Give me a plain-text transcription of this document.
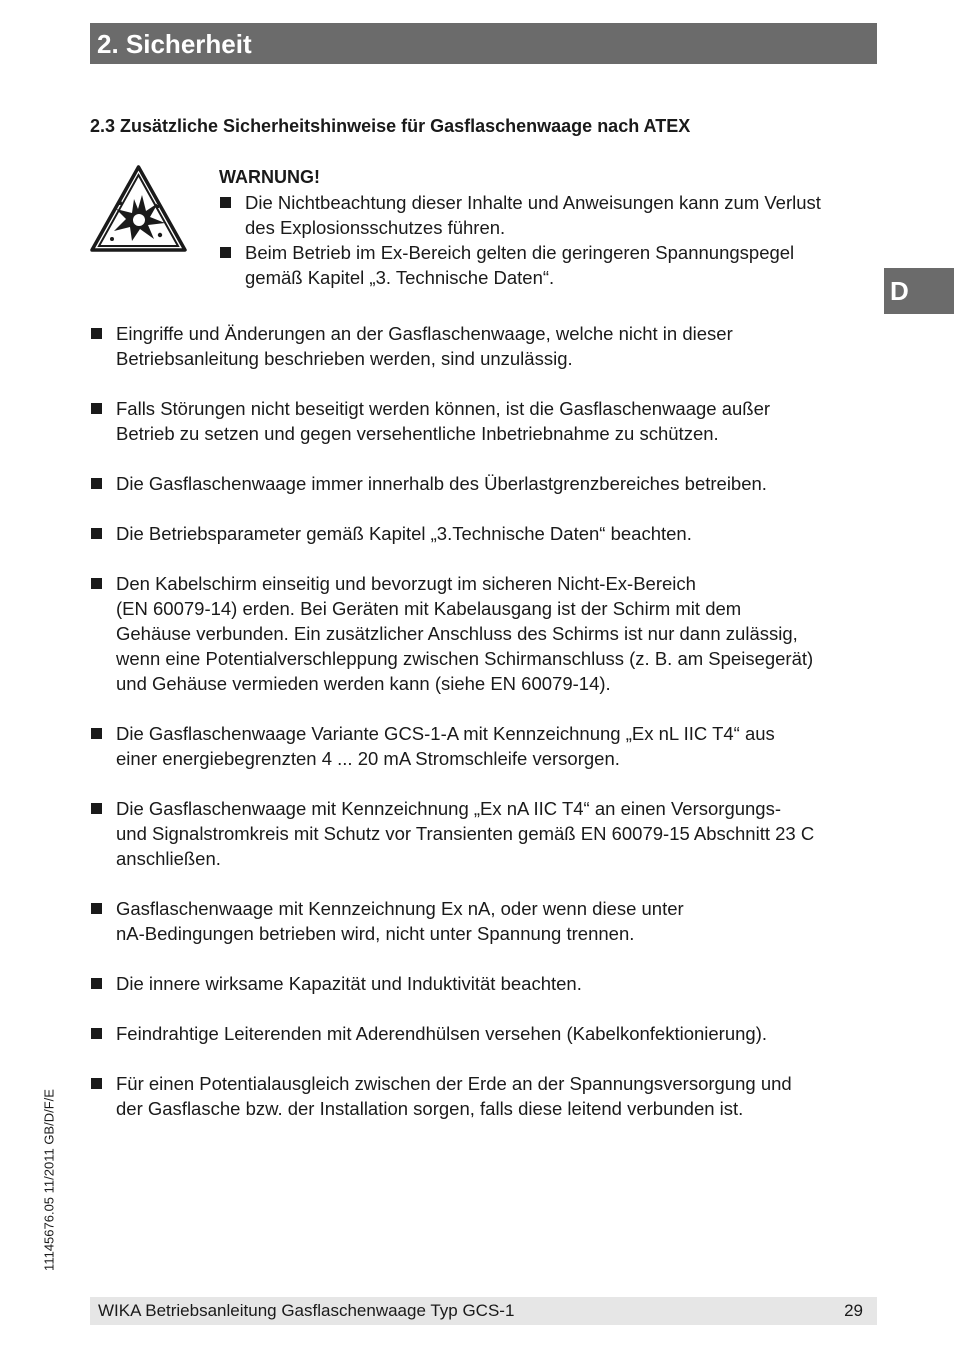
2. Sicherheit
D
2.3 Zusätzliche Sicherheitshinweise für Gasflaschenwaage nach ATEX
WARNUNG!
Die Nichtbeachtung dieser Inhalte und Anweisungen kann zum Verlust
des Explosionsschutzes führen.
Beim Betrieb im Ex-Bereich gelten die geringeren Spannungspegel
gemäß Kapitel „3. Technische Daten“.
Eingriffe und Änderungen an der Gasflaschenwaage, welche nicht in dieser
Betriebsanleitung beschrieben werden, sind unzulässig.
Falls Störungen nicht beseitigt werden können, ist die Gasflaschenwaage außer
Betrieb zu setzen und gegen versehentliche Inbetriebnahme zu schützen.
Die Gasflaschenwaage immer innerhalb des Überlastgrenzbereiches betreiben.
Die Betriebsparameter gemäß Kapitel „3.Technische Daten“ beachten.
Den Kabelschirm einseitig und bevorzugt im sicheren Nicht-Ex-Bereich
(EN 60079-14) erden. Bei Geräten mit Kabelausgang ist der Schirm mit dem
Gehäuse verbunden. Ein zusätzlicher Anschluss des Schirms ist nur dann zulässig,
wenn eine Potentialverschleppung zwischen Schirmanschluss (z. B. am Speisegerät)
und Gehäuse vermieden werden kann (siehe EN 60079-14).
Die Gasflaschenwaage Variante GCS-1-A mit Kennzeichnung „Ex nL IIC T4“ aus
einer energiebegrenzten 4 ... 20 mA Stromschleife versorgen.
Die Gasflaschenwaage mit Kennzeichnung „Ex nA IIC T4“ an einen Versorgungs-
und Signalstromkreis mit Schutz vor Transienten gemäß EN 60079-15 Abschnitt 23 C
anschließen.
Gasflaschenwaage mit Kennzeichnung Ex nA, oder wenn diese unter
nA-Bedingungen betrieben wird, nicht unter Spannung trennen.
Die innere wirksame Kapazität und Induktivität beachten.
Feindrahtige Leiterenden mit Aderendhülsen versehen (Kabelkonfektionierung).
Für einen Potentialausgleich zwischen der Erde an der Spannungsversorgung und
der Gasflasche bzw. der Installation sorgen, falls diese leitend verbunden ist.
11145676.05 11/2011 GB/D/F/E
WIKA Betriebsanleitung Gasflaschenwaage Typ GCS-1	29
